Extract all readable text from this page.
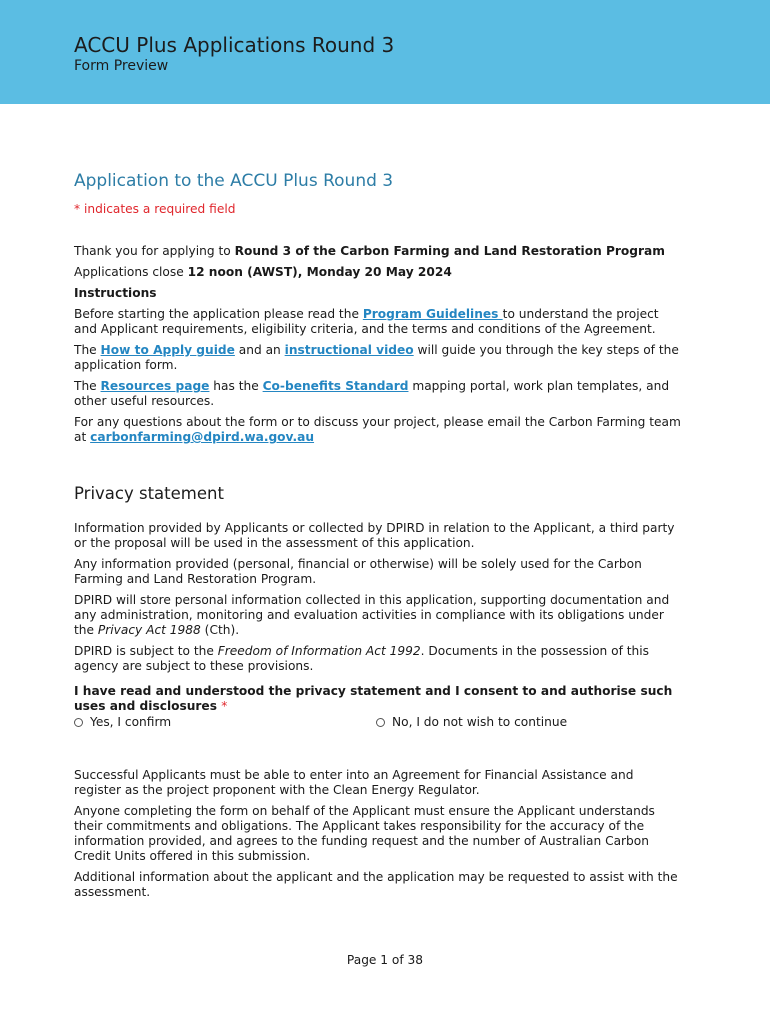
ACCU Plus Applications Round 3
Form Preview
Application to the ACCU Plus Round 3
* indicates a required field

Thank you for applying to Round 3 of the Carbon Farming and Land Restoration Program

Applications close 12 noon (AWST), Monday 20 May 2024

Instructions

Before starting the application please read the Program Guidelines to understand the project and Applicant requirements, eligibility criteria, and the terms and conditions of the Agreement.

The How to Apply guide and an instructional video will guide you through the key steps of the application form.

The Resources page has the Co-benefits Standard mapping portal, work plan templates, and other useful resources.

For any questions about the form or to discuss your project, please email the Carbon Farming team at carbonfarming@dpird.wa.gov.au

Privacy statement

Information provided by Applicants or collected by DPIRD in relation to the Applicant, a third party or the proposal will be used in the assessment of this application.

Any information provided (personal, financial or otherwise) will be solely used for the Carbon Farming and Land Restoration Program.

DPIRD will store personal information collected in this application, supporting documentation and any administration, monitoring and evaluation activities in compliance with its obligations under the Privacy Act 1988 (Cth).

DPIRD is subject to the Freedom of Information Act 1992. Documents in the possession of this agency are subject to these provisions.

I have read and understood the privacy statement and I consent to and authorise such uses and disclosures *
Yes, I confirm	No, I do not wish to continue

Successful Applicants must be able to enter into an Agreement for Financial Assistance and register as the project proponent with the Clean Energy Regulator.

Anyone completing the form on behalf of the Applicant must ensure the Applicant understands their commitments and obligations. The Applicant takes responsibility for the accuracy of the information provided, and agrees to the funding request and the number of Australian Carbon Credit Units offered in this submission.

Additional information about the applicant and the application may be requested to assist with the assessment.

Page 1 of 38
